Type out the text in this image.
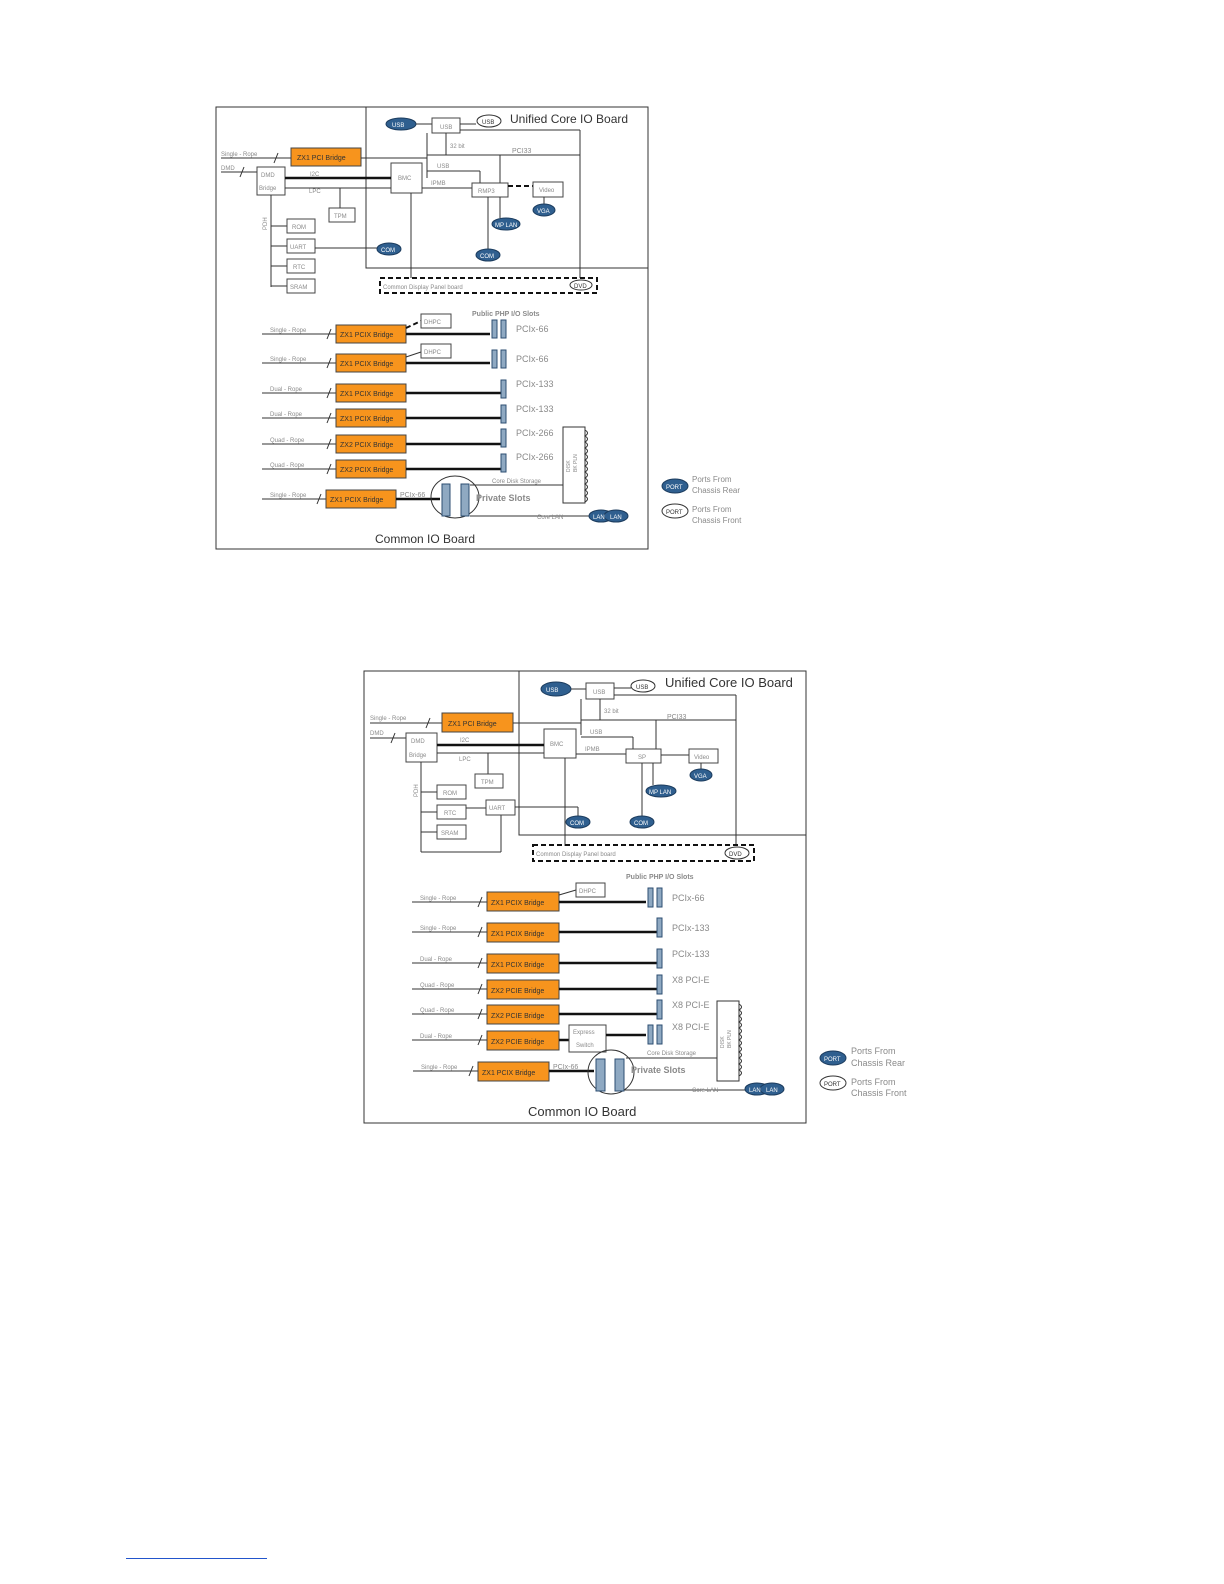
Unified Core IO Board
USB	USB
USB
32 bit
PCI33
USB
BMC
IPMB
RMP3	Video
VGA
MP LAN
COM
Single - Rope	ZX1 PCI Bridge
DMD
DMD
Bridge
I2C
LPC
TPM
PDH	ROM
UART	COM
RTC
SRAM	Common Display Panel board	DVD
Public PHP I/O Slots
Single - Rope
ZX1 PCIX Bridge
DHPC
PCIx-66
Single - Rope
ZX1 PCIX Bridge
DHPC
PCIx-66
Dual - Rope
ZX1 PCIX Bridge
PCIx-133
Dual - Rope
ZX1 PCIX Bridge
PCIx-133
Quad - Rope
ZX2 PCIX Bridge
PCIx-266
Quad - Rope
ZX2 PCIX Bridge
PCIx-266
DISK BK PLN
Core Disk Storage
Single - Rope
ZX1 PCIX Bridge
PCIx-66	Private Slots
Core LAN	LAN LAN
Common IO Board
PORT
Ports From
Chassis Rear
PORT Ports From
Chassis Front
Unified Core IO Board
USB	USB
USB
32 bit
PCI33
USB
BMC
IPMB
SP	Video
VGA
MP LAN
COM
Single - Rope
ZX1 PCI Bridge
DMD
DMD
Bridge
I2C
LPC
TPM
PDH	ROM
RTC
SRAM
UART
COM
Common Display Panel board	DVD
Public PHP I/O Slots
Single - Rope
ZX1 PCIX Bridge
DHPC
PCIx-66
Single - Rope
ZX1 PCIX Bridge
PCIx-133
Dual - Rope
ZX1 PCIX Bridge
PCIx-133
Quad - Rope
ZX2 PCIE Bridge
X8 PCI-E
Quad - Rope
ZX2 PCIE Bridge
X8 PCI-E
Dual - Rope
ZX2 PCIE Bridge
Express
Switch
X8 PCI-E
DISK BK PLN
Core Disk Storage
Single - Rope
ZX1 PCIX Bridge
PCIx-66	Private Slots
Core LAN	LAN LAN
Common IO Board
PORT
Ports From
Chassis Rear
PORT Ports From
Chassis Front
